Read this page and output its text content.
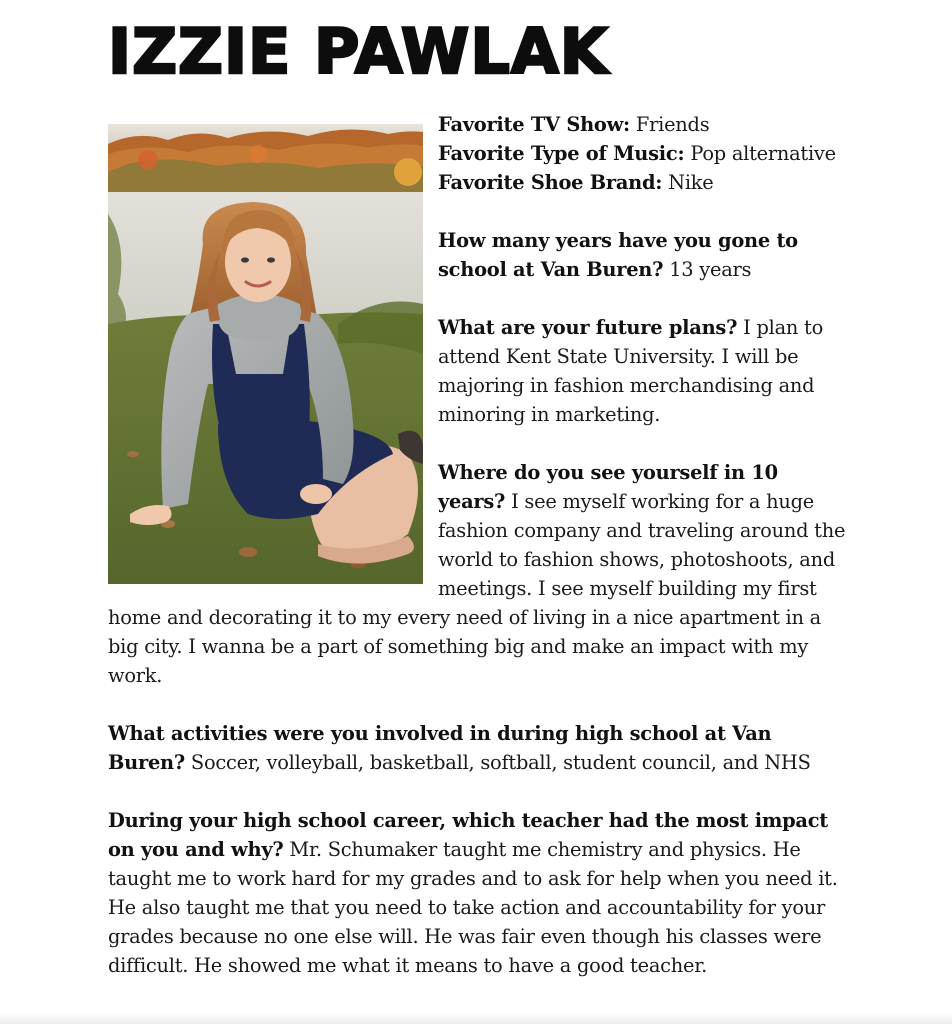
IZZIE PAWLAK

Favorite TV Show: Friends
Favorite Type of Music: Pop alternative
Favorite Shoe Brand: Nike

How many years have you gone to school at Van Buren? 13 years

What are your future plans? I plan to attend Kent State University. I will be majoring in fashion merchandising and minoring in marketing.

Where do you see yourself in 10 years? I see myself working for a huge fashion company and traveling around the world to fashion shows, photoshoots, and meetings. I see myself building my first home and decorating it to my every need of living in a nice apartment in a big city. I wanna be a part of something big and make an impact with my work.

What activities were you involved in during high school at Van Buren? Soccer, volleyball, basketball, softball, student council, and NHS

During your high school career, which teacher had the most impact on you and why? Mr. Schumaker taught me chemistry and physics. He taught me to work hard for my grades and to ask for help when you need it. He also taught me that you need to take action and accountability for your grades because no one else will. He was fair even though his classes were difficult. He showed me what it means to have a good teacher.
